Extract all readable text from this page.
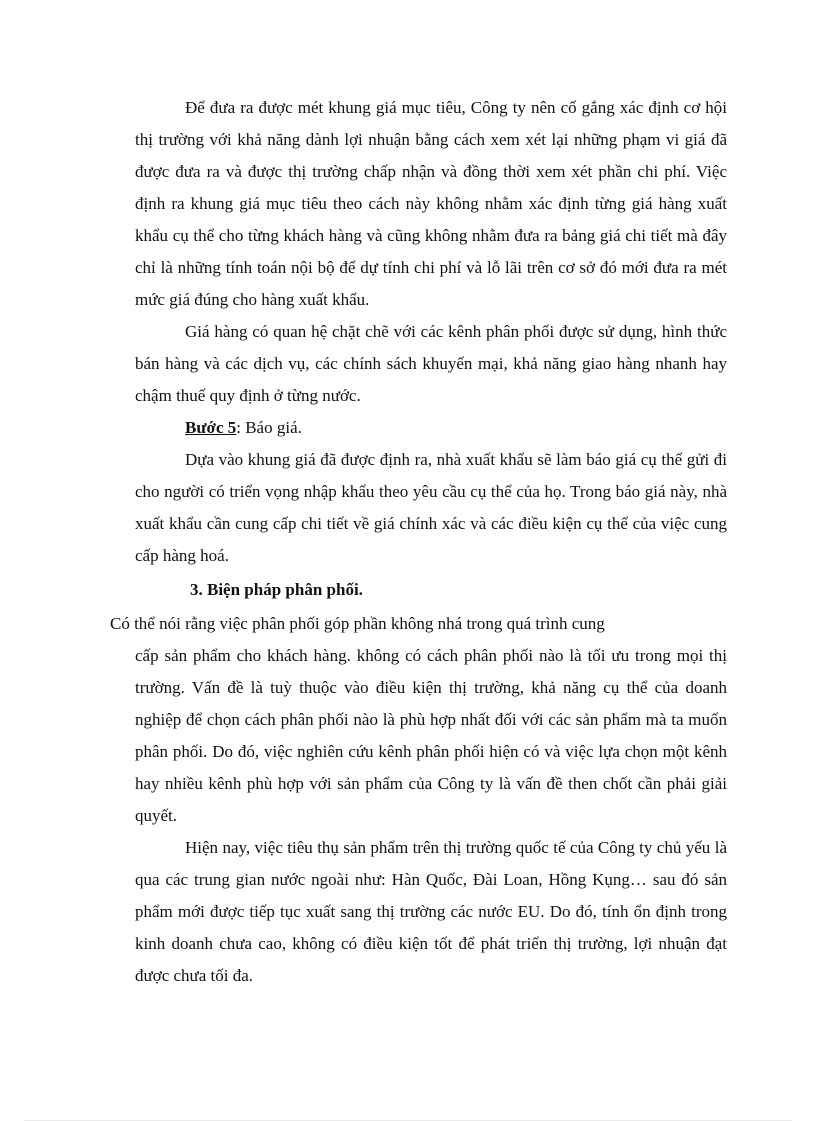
Để đưa ra được mét khung giá mục tiêu, Công ty nên cố gắng xác định cơ hội thị trường với khả năng dành lợi nhuận bằng cách xem xét lại những phạm vi giá đã được đưa ra và được thị trường chấp nhận và đồng thời xem xét phần chi phí. Việc định ra khung giá mục tiêu theo cách này không nhằm xác định từng giá hàng xuất khẩu cụ thể cho từng khách hàng và cũng không nhằm đưa ra bảng giá chi tiết mà đây chỉ là những tính toán nội bộ để dự tính chi phí và lỗ lãi trên cơ sở đó mới đưa ra mét mức giá đúng cho hàng xuất khẩu.

Giá hàng có quan hệ chặt chẽ với các kênh phân phối được sử dụng, hình thức bán hàng và các dịch vụ, các chính sách khuyến mại, khả năng giao hàng nhanh hay chậm thuế quy định ở từng nước.

Bước 5: Báo giá.

Dựa vào khung giá đã được định ra, nhà xuất khẩu sẽ làm báo giá cụ thể gửi đi cho người có triển vọng nhập khẩu theo yêu cầu cụ thể của họ. Trong báo giá này, nhà xuất khẩu cần cung cấp chi tiết về giá chính xác và các điều kiện cụ thể của việc cung cấp hàng hoá.

3. Biện pháp phân phối.

Có thể nói rằng việc phân phối góp phần không nhá trong quá trình cung
cấp sản phẩm cho khách hàng. không có cách phân phối nào là tối ưu trong mọi thị trường. Vấn đề là tuỳ thuộc vào điều kiện thị trường, khả năng cụ thể của doanh nghiệp để chọn cách phân phối nào là phù hợp nhất đối với các sản phẩm mà ta muốn phân phối. Do đó, việc nghiên cứu kênh phân phối hiện có và việc lựa chọn một kênh hay nhiều kênh phù hợp với sản phẩm của Công ty là vấn đề then chốt cần phải giải quyết.

Hiện nay, việc tiêu thụ sản phẩm trên thị trường quốc tế của Công ty chủ yếu là qua các trung gian nước ngoài như: Hàn Quốc, Đài Loan, Hồng Kụng… sau đó sản phẩm mới được tiếp tục xuất sang thị trường các nước EU. Do đó, tính ổn định trong kinh doanh chưa cao, không có điều kiện tốt để phát triển thị trường, lợi nhuận đạt được chưa tối đa.
